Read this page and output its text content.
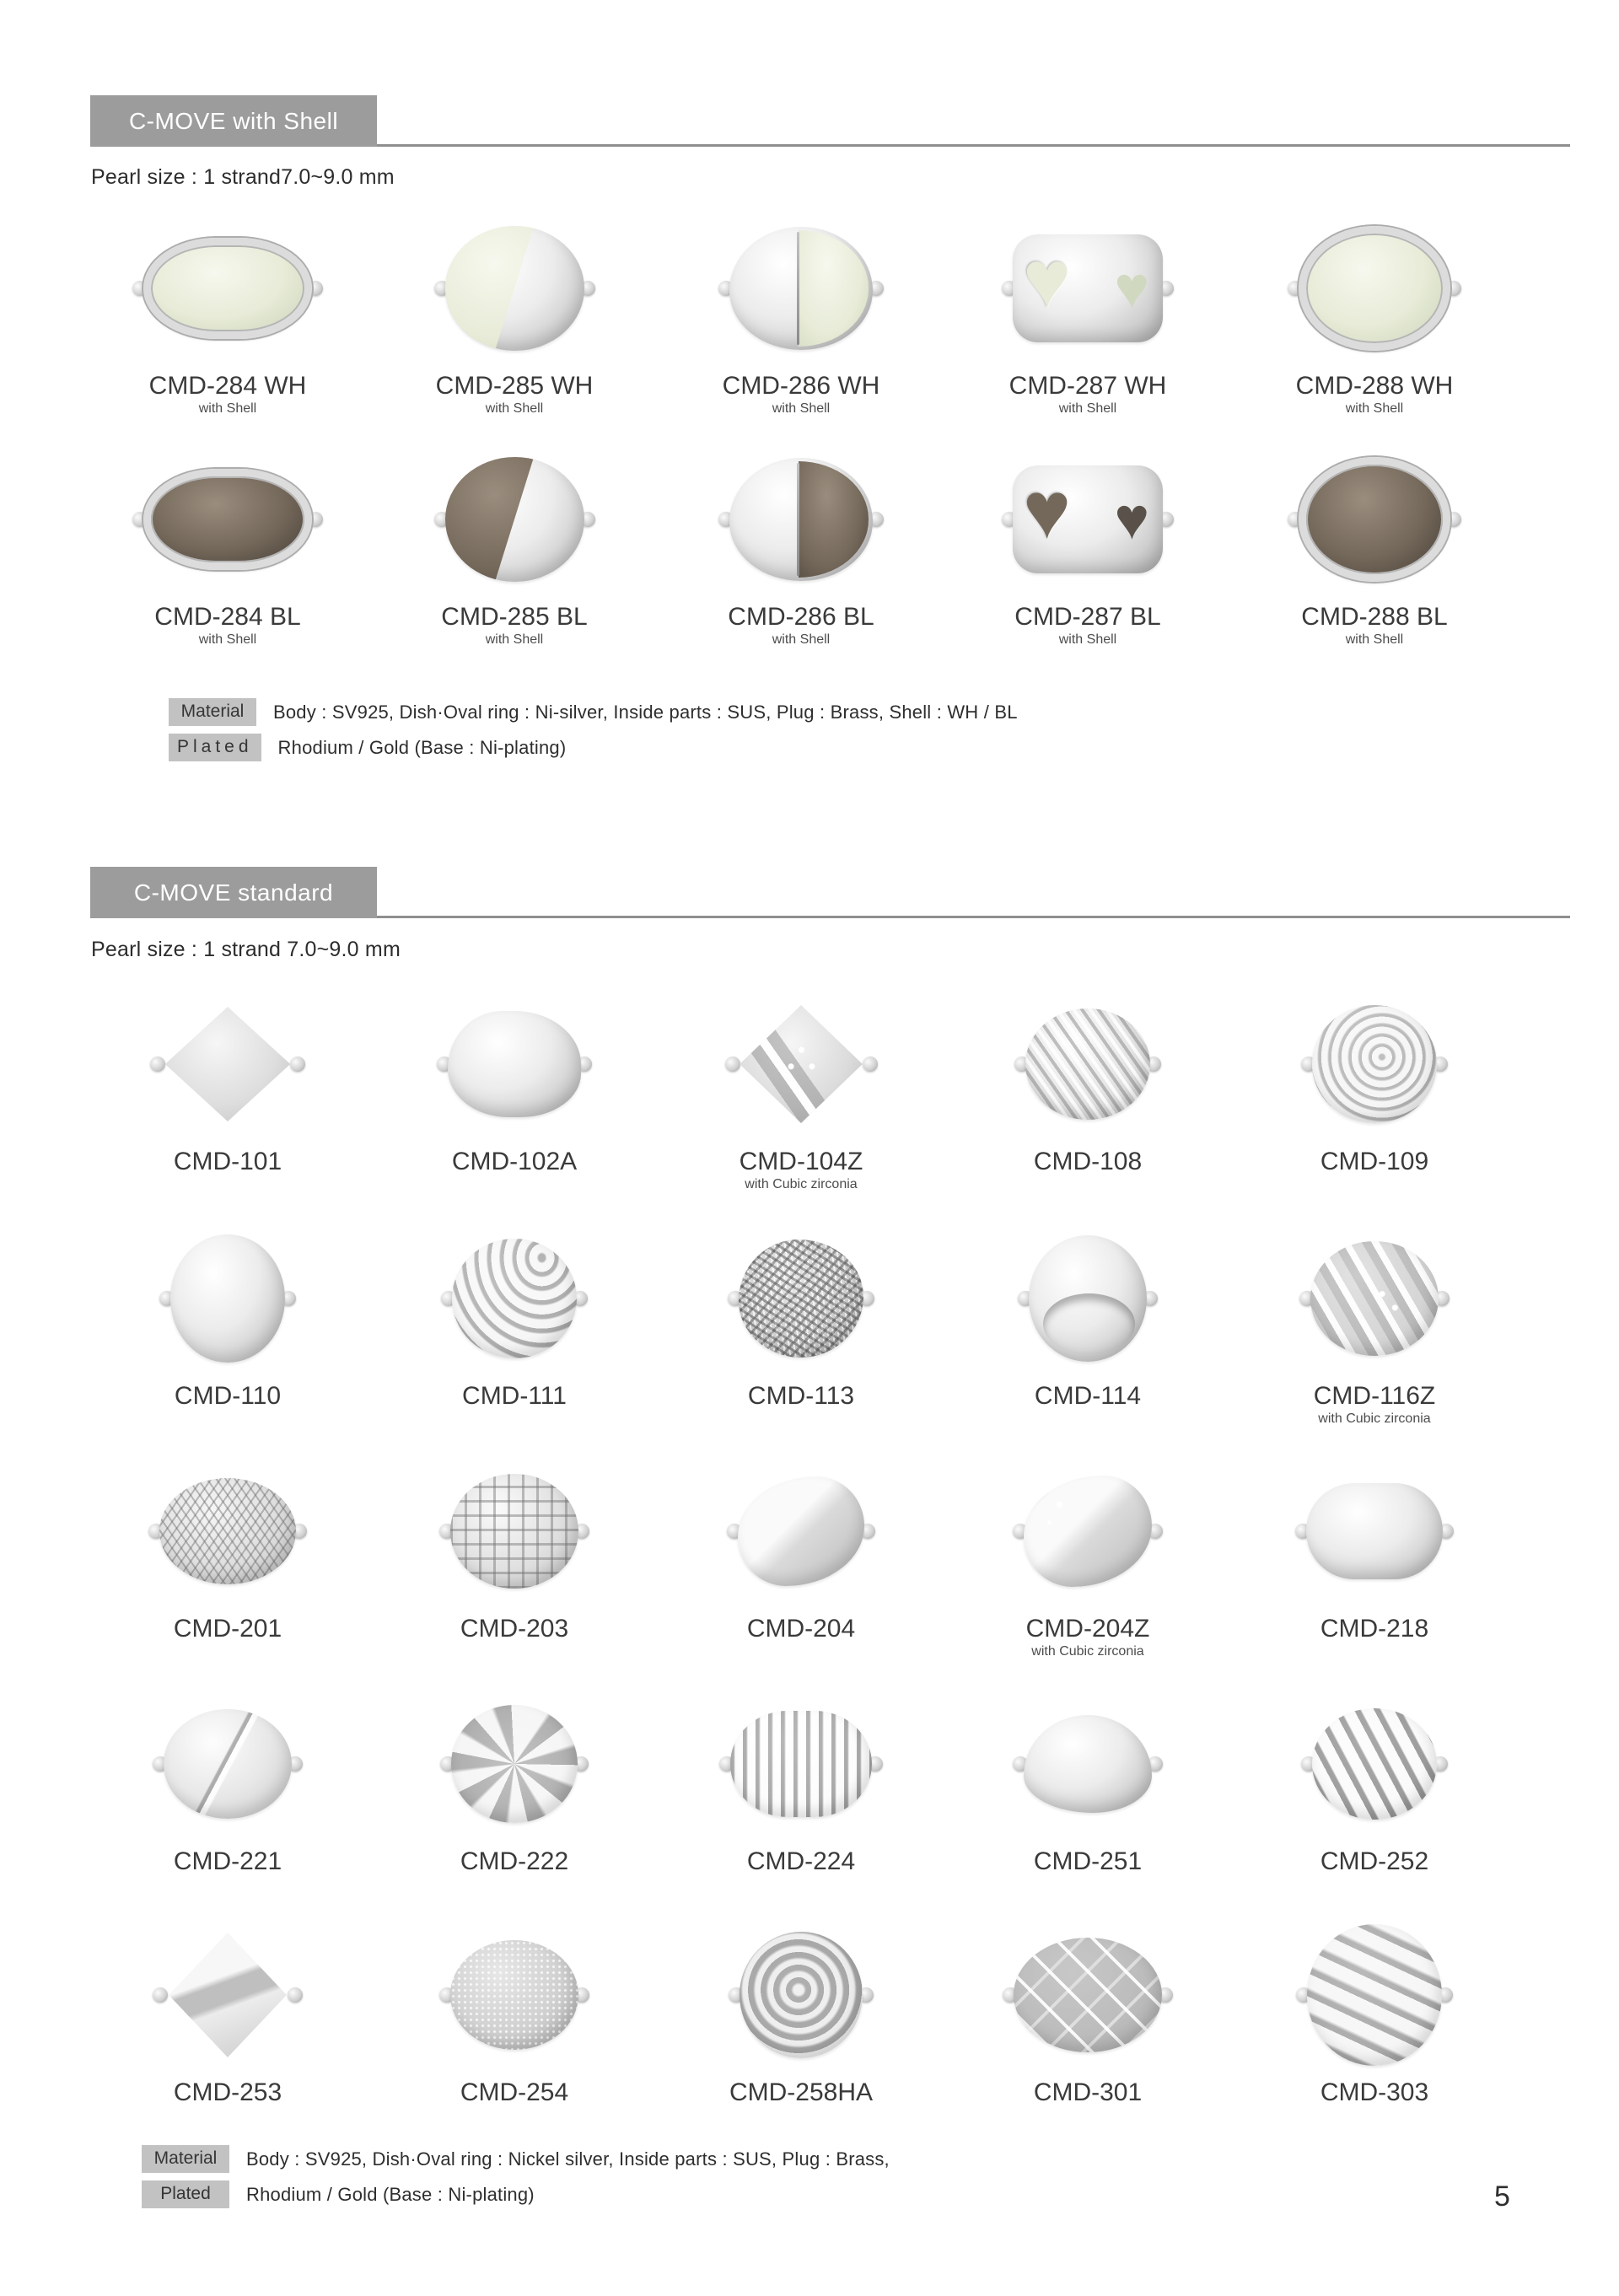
C-MOVE with Shell
Pearl size : 1 strand7.0~9.0 mm
CMD-284 WH
with Shell
CMD-285 WH
with Shell
CMD-286 WH
with Shell
♥ ♥
CMD-287 WH
with Shell
CMD-288 WH
with Shell
CMD-284 BL
with Shell
CMD-285 BL
with Shell
CMD-286 BL
with Shell
♥ ♥
CMD-287 BL
with Shell
CMD-288 BL
with Shell
Material	Body : SV925, Dish·Oval ring : Ni-silver, Inside parts : SUS, Plug : Brass, Shell : WH / BL
Plated	Rhodium / Gold (Base : Ni-plating)
C-MOVE standard
Pearl size : 1 strand 7.0~9.0 mm
CMD-101	CMD-102A	CMD-104Z
with Cubic zirconia
CMD-108	CMD-109
CMD-110	CMD-111	CMD-113	CMD-114	CMD-116Z
with Cubic zirconia
CMD-201	CMD-203	CMD-204	CMD-204Z
with Cubic zirconia
CMD-218
CMD-221	CMD-222	CMD-224	CMD-251	CMD-252
CMD-253	CMD-254	CMD-258HA	CMD-301	CMD-303
Material	Body : SV925, Dish·Oval ring : Nickel silver, Inside parts : SUS, Plug : Brass,
Plated	Rhodium / Gold (Base : Ni-plating)	5
